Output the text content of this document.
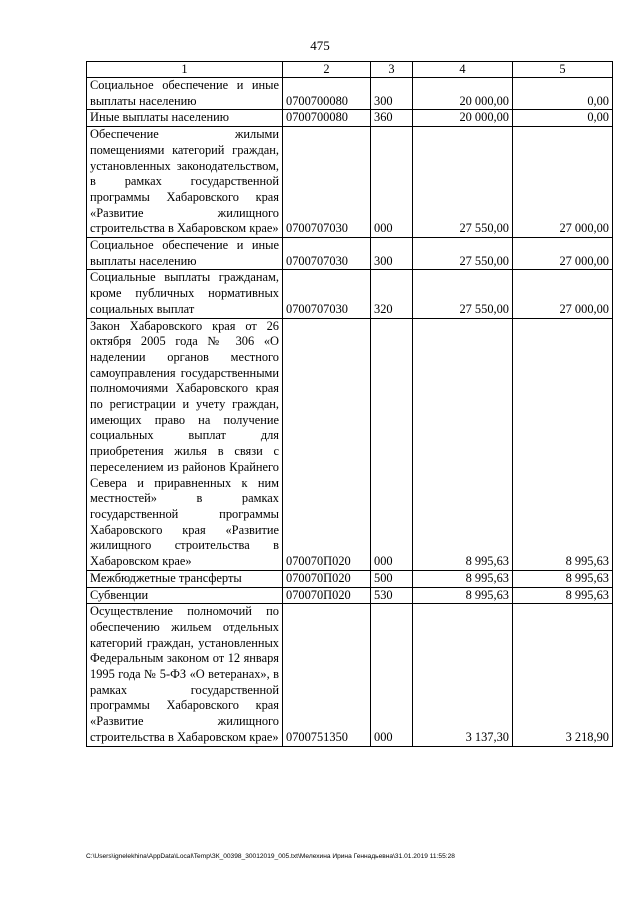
475
1	2	3	4	5
Социальное обеспечение и иные выплаты населению	0700700080	300	20 000,00	0,00
Иные выплаты населению	0700700080	360	20 000,00	0,00
Обеспечение жилыми помещениями категорий граждан, установленных законодательством, в рамках государственной программы Хабаровского края «Развитие жилищного строительства в Хабаровском крае»	0700707030	000	27 550,00	27 000,00
Социальное обеспечение и иные выплаты населению	0700707030	300	27 550,00	27 000,00
Социальные выплаты гражданам, кроме публичных нормативных социальных выплат	0700707030	320	27 550,00	27 000,00
Закон Хабаровского края от 26 октября 2005 года № 306 «О наделении органов местного самоуправления государственными полномочиями Хабаровского края по регистрации и учету граждан, имеющих право на получение социальных выплат для приобретения жилья в связи с переселением из районов Крайнего Севера и приравненных к ним местностей» в рамках государственной программы Хабаровского края «Развитие жилищного строительства в Хабаровском крае»	070070П020	000	8 995,63	8 995,63
Межбюджетные трансферты	070070П020	500	8 995,63	8 995,63
Субвенции	070070П020	530	8 995,63	8 995,63
Осуществление полномочий по обеспечению жильем отдельных категорий граждан, установленных Федеральным законом от 12 января 1995 года № 5-ФЗ «О ветеранах», в рамках государственной программы Хабаровского края «Развитие жилищного строительства в Хабаровском крае»	0700751350	000	3 137,30	3 218,90
C:\Users\ignelekhina\AppData\Local\Temp\ЗК_00398_30012019_005.txt\Мелехина Ирина Геннадьевна\31.01.2019 11:55:28
